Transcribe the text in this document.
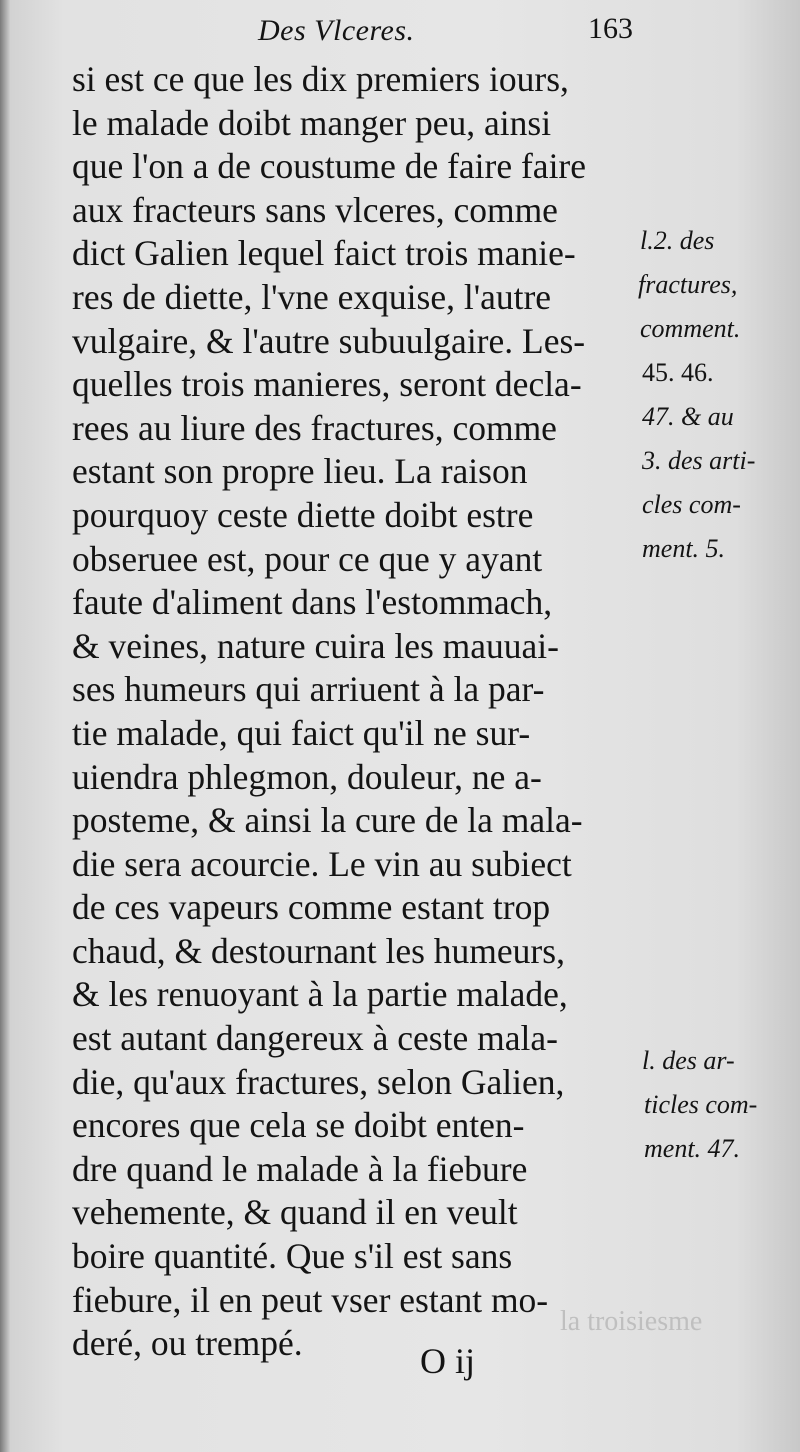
Des Vlceres.	163
si est ce que les dix premiers iours,
le malade doibt manger peu, ainsi
que l'on a de coustume de faire faire
aux fracteurs sans vlceres, comme
dict Galien lequel faict trois manie-
res de diette, l'vne exquise, l'autre
vulgaire, & l'autre subuulgaire. Les-
quelles trois manieres, seront decla-
rees au liure des fractures, comme
estant son propre lieu. La raison
pourquoy ceste diette doibt estre
obseruee est, pour ce que y ayant
faute d'aliment dans l'estommach,
& veines, nature cuira les mauuai-
ses humeurs qui arriuent à la par-
tie malade, qui faict qu'il ne sur-
uiendra phlegmon, douleur, ne a-
posteme, & ainsi la cure de la mala-
die sera acourcie. Le vin au subiect
de ces vapeurs comme estant trop
chaud, & destournant les humeurs,
& les renuoyant à la partie malade,
est autant dangereux à ceste mala-
die, qu'aux fractures, selon Galien,
encores que cela se doibt enten-
dre quand le malade à la fiebure
vehemente, & quand il en veult
boire quantité. Que s'il est sans
fiebure, il en peut vser estant mo-
deré, ou trempé.
l.2. des
fractures,
comment.
45. 46.
47. & au
3. des arti-
cles com-
ment. 5.
l. des ar-
ticles com-
ment. 47.
la troisiesme
O ij
